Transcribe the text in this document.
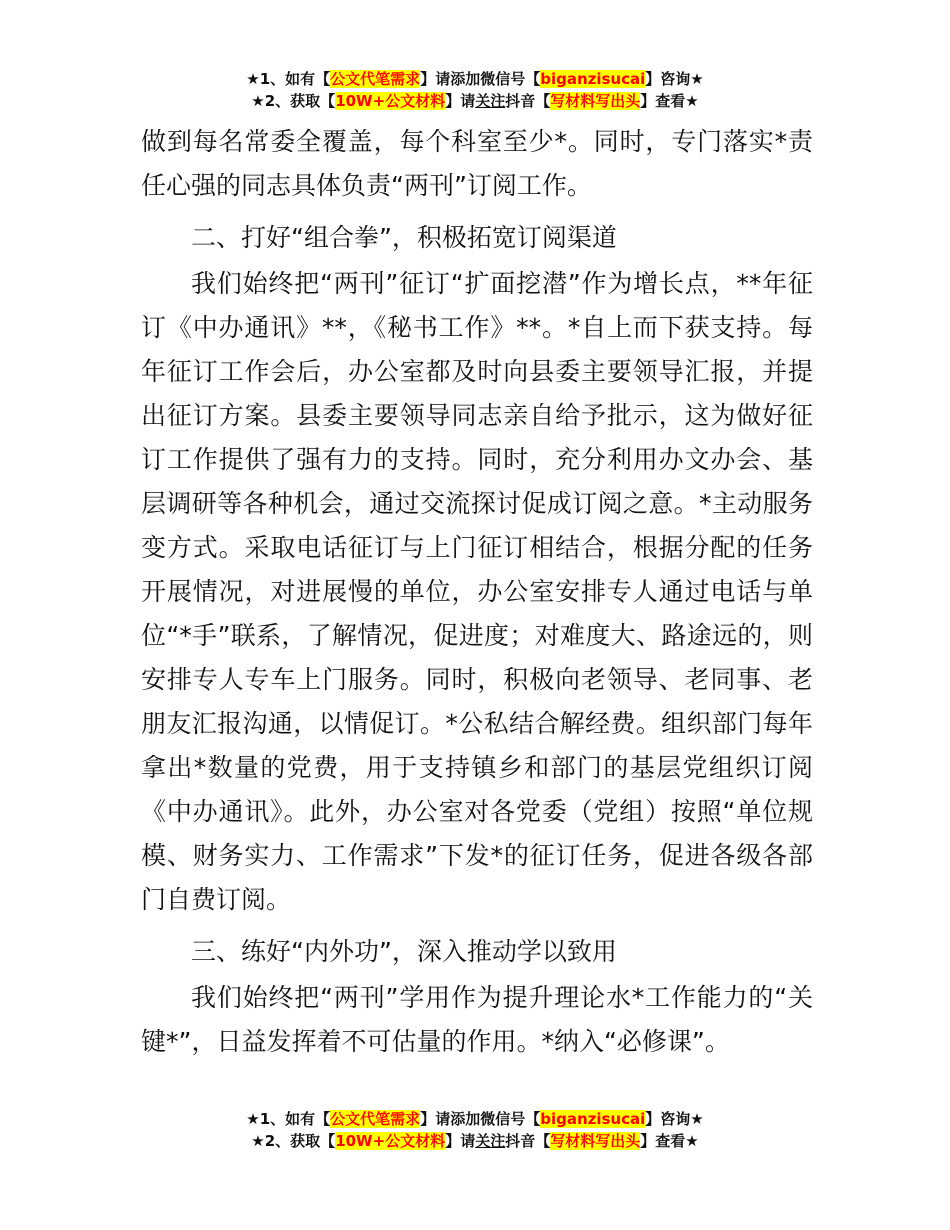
★1、如有【公文代笔需求】请添加微信号【biganzisucai】咨询★
★2、获取【10W+公文材料】请关注抖音【写材料写出头】查看★

做到每名常委全覆盖，每个科室至少*。同时，专门落实*责任心强的同志具体负责“两刊”订阅工作。

二、打好“组合拳”，积极拓宽订阅渠道

我们始终把“两刊”征订“扩面挖潜”作为增长点，**年征订《中办通讯》**，《秘书工作》**。*自上而下获支持。每年征订工作会后，办公室都及时向县委主要领导汇报，并提出征订方案。县委主要领导同志亲自给予批示，这为做好征订工作提供了强有力的支持。同时，充分利用办文办会、基层调研等各种机会，通过交流探讨促成订阅之意。*主动服务变方式。采取电话征订与上门征订相结合，根据分配的任务开展情况，对进展慢的单位，办公室安排专人通过电话与单位“*手”联系，了解情况，促进度；对难度大、路途远的，则安排专人专车上门服务。同时，积极向老领导、老同事、老朋友汇报沟通，以情促订。*公私结合解经费。组织部门每年拿出*数量的党费，用于支持镇乡和部门的基层党组织订阅《中办通讯》。此外，办公室对各党委（党组）按照“单位规模、财务实力、工作需求”下发*的征订任务，促进各级各部门自费订阅。

三、练好“内外功”，深入推动学以致用

我们始终把“两刊”学用作为提升理论水*工作能力的“关键*”，日益发挥着不可估量的作用。*纳入“必修课”。

★1、如有【公文代笔需求】请添加微信号【biganzisucai】咨询★
★2、获取【10W+公文材料】请关注抖音【写材料写出头】查看★
